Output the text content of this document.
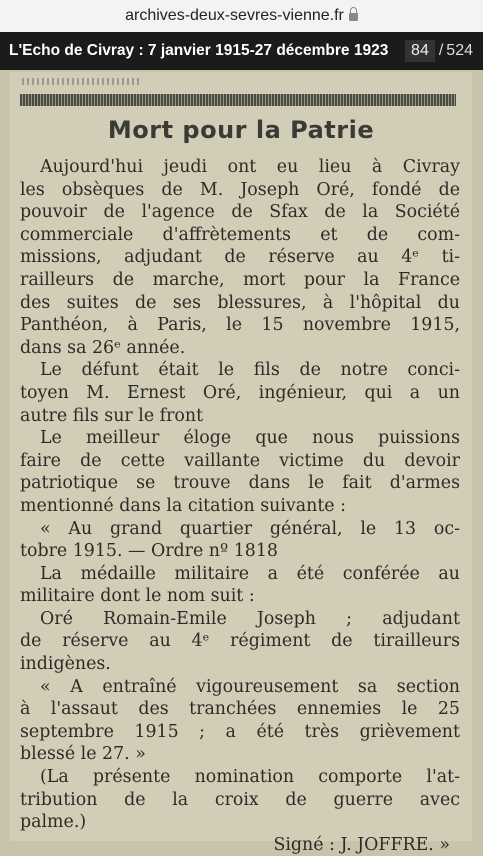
archives-deux-sevres-vienne.fr
L'Echo de Civray : 7 janvier 1915-27 décembre 1923	84 / 524
Mort pour la Patrie
Aujourd'hui jeudi ont eu lieu à Civray
les obsèques de M. Joseph Oré, fondé de
pouvoir de l'agence de Sfax de la Société
commerciale d'affrètements et de com-
missions, adjudant de réserve au 4ᵉ ti-
railleurs de marche, mort pour la France
des suites de ses blessures, à l'hôpital du
Panthéon, à Paris, le 15 novembre 1915,
dans sa 26ᵉ année.
Le défunt était le fils de notre conci-
toyen M. Ernest Oré, ingénieur, qui a un
autre fils sur le front
Le meilleur éloge que nous puissions
faire de cette vaillante victime du devoir
patriotique se trouve dans le fait d'armes
mentionné dans la citation suivante :
« Au grand quartier général, le 13 oc-
tobre 1915. — Ordre nº 1818
La médaille militaire a été conférée au
militaire dont le nom suit :
Oré Romain-Emile Joseph ; adjudant
de réserve au 4ᵉ régiment de tirailleurs
indigènes.
« A entraîné vigoureusement sa section
à l'assaut des tranchées ennemies le 25
septembre 1915 ; a été très grièvement
blessé le 27. »
(La présente nomination comporte l'at-
tribution de la croix de guerre avec
palme.)
Signé : J. JOFFRE. »
